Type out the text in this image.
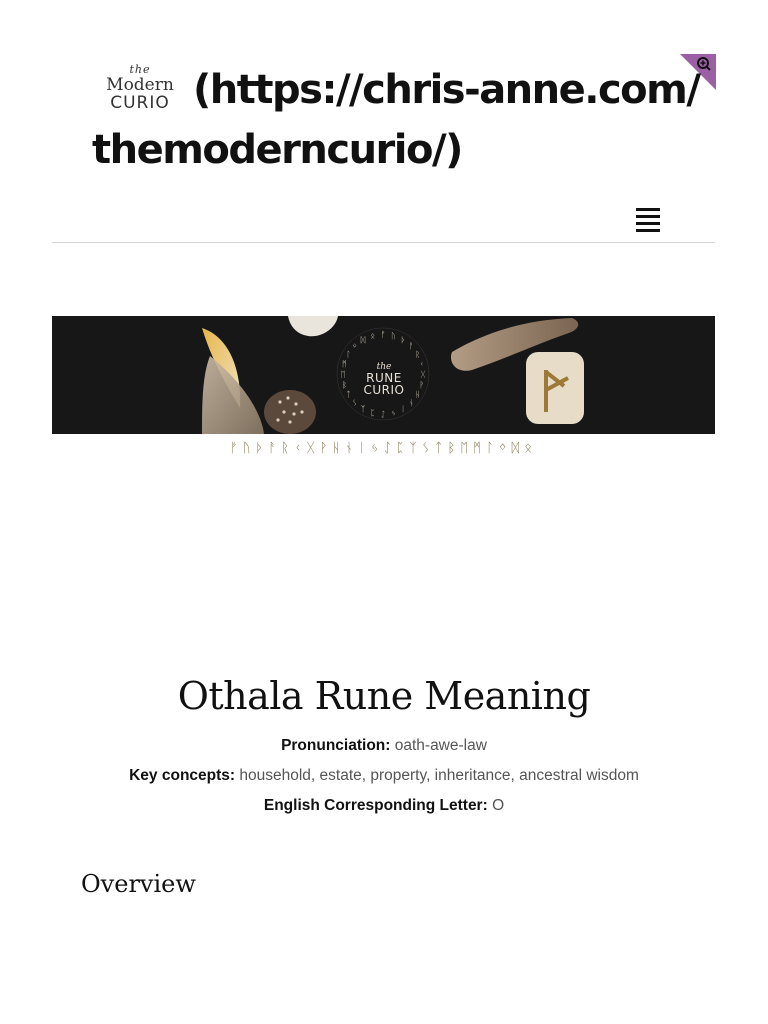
the
Modern
CURIO (https://chris-anne.com/themoderncurio/)
ᚠ ᚢ ᚦ
ᚨ
ᚱ
ᚲ
ᚷ
ᚹ
ᚺ
ᚾ
ᛁ
ᛃ
ᛇ
ᛈ
ᛉ
ᛊ
ᛏ
ᛒ
ᛖ
ᛗ
ᛚ
ᛜ
ᛞ ᛟ
the
RUNE
CURIO
ᚠᚢᚦᚨᚱᚲᚷᚹᚺᚾᛁᛃᛇᛈᛉᛊᛏᛒᛖᛗᛚᛜᛞᛟ
Othala Rune Meaning
Pronunciation: oath-awe-law
Key concepts: household, estate, property, inheritance, ancestral wisdom
English Corresponding Letter: O
Overview
